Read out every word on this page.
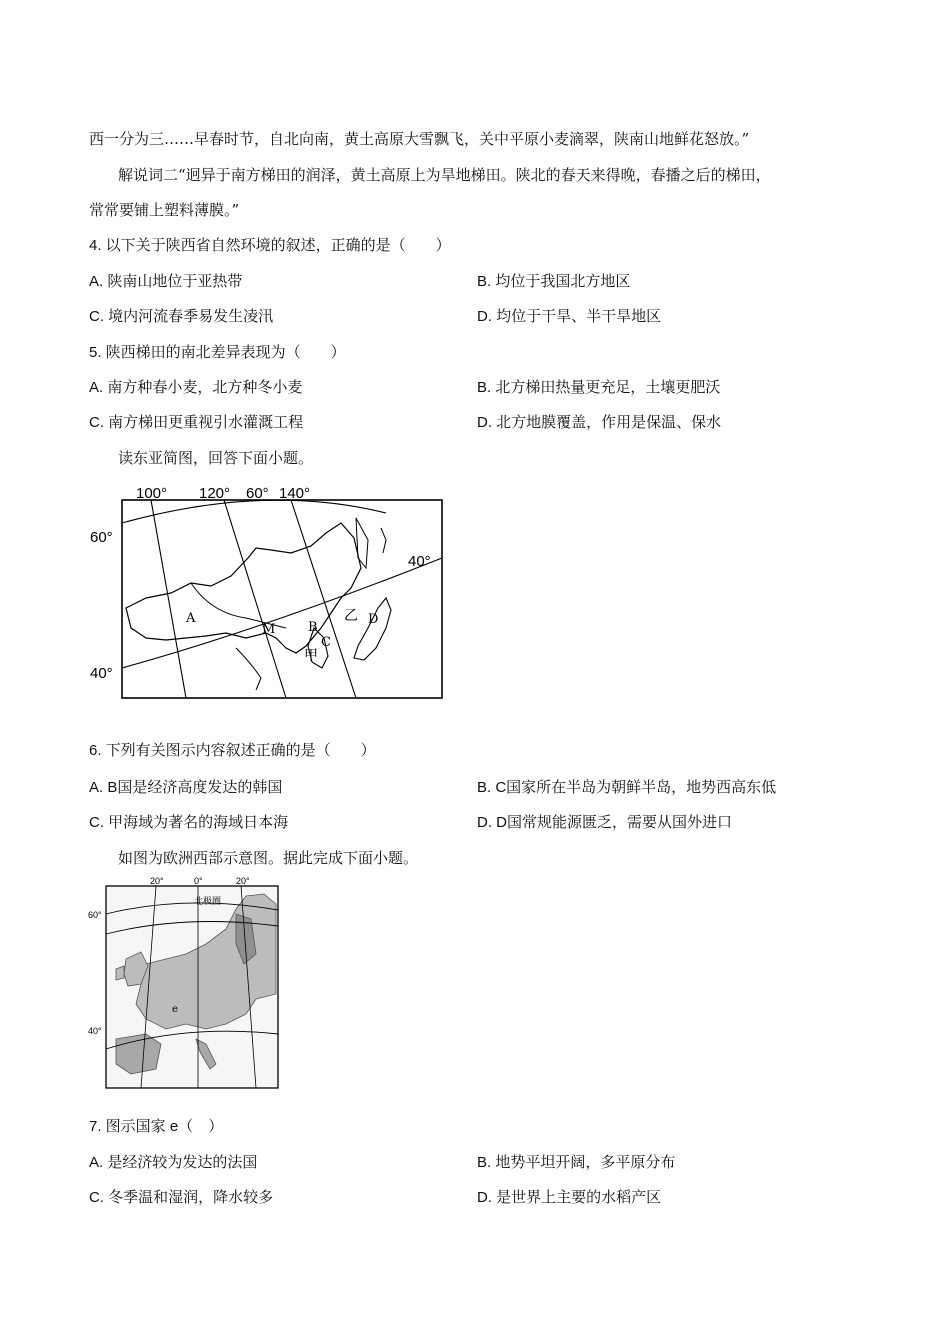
西一分为三……早春时节，自北向南，黄土高原大雪飘飞，关中平原小麦滴翠，陕南山地鲜花怒放。”
解说词二“迥异于南方梯田的润泽，黄土高原上为旱地梯田。陕北的春天来得晚，春播之后的梯田，
常常要铺上塑料薄膜。”
4. 以下关于陕西省自然环境的叙述，正确的是（　　）
A. 陕南山地位于亚热带	B. 均位于我国北方地区
C. 境内河流春季易发生凌汛	D. 均位于干旱、半干旱地区
5. 陕西梯田的南北差异表现为（　　）
A. 南方种春小麦，北方种冬小麦	B. 北方梯田热量更充足，土壤更肥沃
C. 南方梯田更重视引水灌溉工程	D. 北方地膜覆盖，作用是保温、保水
读东亚简图，回答下面小题。
100° 120° 60° 140°
60°
40°
40°
A
M	B
C
乙 D
甲
6. 下列有关图示内容叙述正确的是（　　）
A. B国是经济高度发达的韩国	B. C国家所在半岛为朝鲜半岛，地势西高东低
C. 甲海域为著名的海域日本海	D. D国常规能源匮乏，需要从国外进口
如图为欧洲西部示意图。据此完成下面小题。
20°	0°	20°
60°
40°
北极圈
e
7. 图示国家 e（　）
A. 是经济较为发达的法国	B. 地势平坦开阔，多平原分布
C. 冬季温和湿润，降水较多	D. 是世界上主要的水稻产区
